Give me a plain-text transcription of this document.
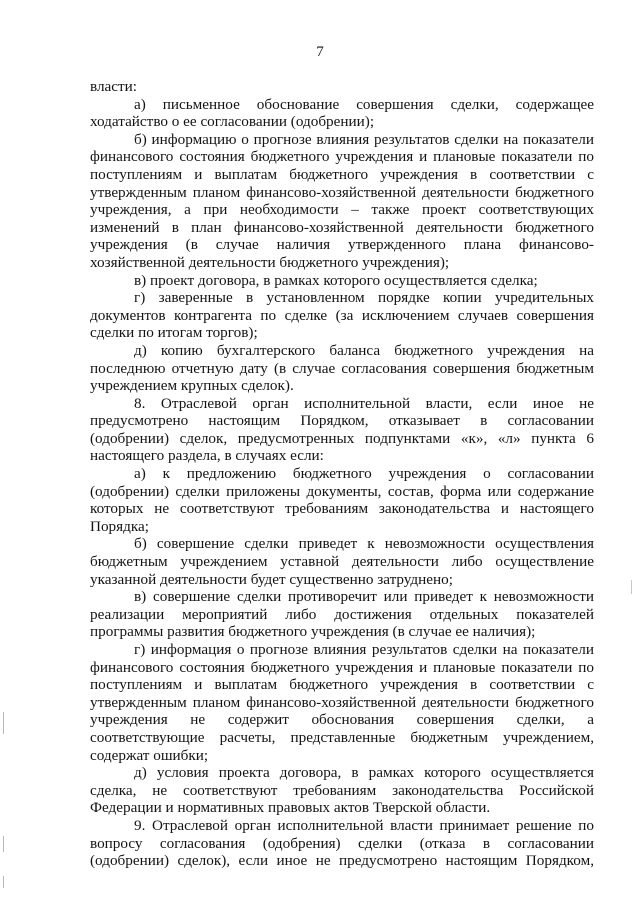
7

власти:

а) письменное обоснование совершения сделки, содержащее ходатайство о ее согласовании (одобрении);

б) информацию о прогнозе влияния результатов сделки на показатели финансового состояния бюджетного учреждения и плановые показатели по поступлениям и выплатам бюджетного учреждения в соответствии с утвержденным планом финансово-хозяйственной деятельности бюджетного учреждения, а при необходимости – также проект соответствующих изменений в план финансово-хозяйственной деятельности бюджетного учреждения (в случае наличия утвержденного плана финансово-хозяйственной деятельности бюджетного учреждения);

в) проект договора, в рамках которого осуществляется сделка;

г) заверенные в установленном порядке копии учредительных документов контрагента по сделке (за исключением случаев совершения сделки по итогам торгов);

д) копию бухгалтерского баланса бюджетного учреждения на последнюю отчетную дату (в случае согласования совершения бюджетным учреждением крупных сделок).

8. Отраслевой орган исполнительной власти, если иное не предусмотрено настоящим Порядком, отказывает в согласовании (одобрении) сделок, предусмотренных подпунктами «к», «л» пункта 6 настоящего раздела, в случаях если:

а) к предложению бюджетного учреждения о согласовании (одобрении) сделки приложены документы, состав, форма или содержание которых не соответствуют требованиям законодательства и настоящего Порядка;

б) совершение сделки приведет к невозможности осуществления бюджетным учреждением уставной деятельности либо осуществление указанной деятельности будет существенно затруднено;

в) совершение сделки противоречит или приведет к невозможности реализации мероприятий либо достижения отдельных показателей программы развития бюджетного учреждения (в случае ее наличия);

г) информация о прогнозе влияния результатов сделки на показатели финансового состояния бюджетного учреждения и плановые показатели по поступлениям и выплатам бюджетного учреждения в соответствии с утвержденным планом финансово-хозяйственной деятельности бюджетного учреждения не содержит обоснования совершения сделки, а соответствующие расчеты, представленные бюджетным учреждением, содержат ошибки;

д) условия проекта договора, в рамках которого осуществляется сделка, не соответствуют требованиям законодательства Российской Федерации и нормативных правовых актов Тверской области.

9. Отраслевой орган исполнительной власти принимает решение по вопросу согласования (одобрения) сделки (отказа в согласовании (одобрении) сделок), если иное не предусмотрено настоящим Порядком,
